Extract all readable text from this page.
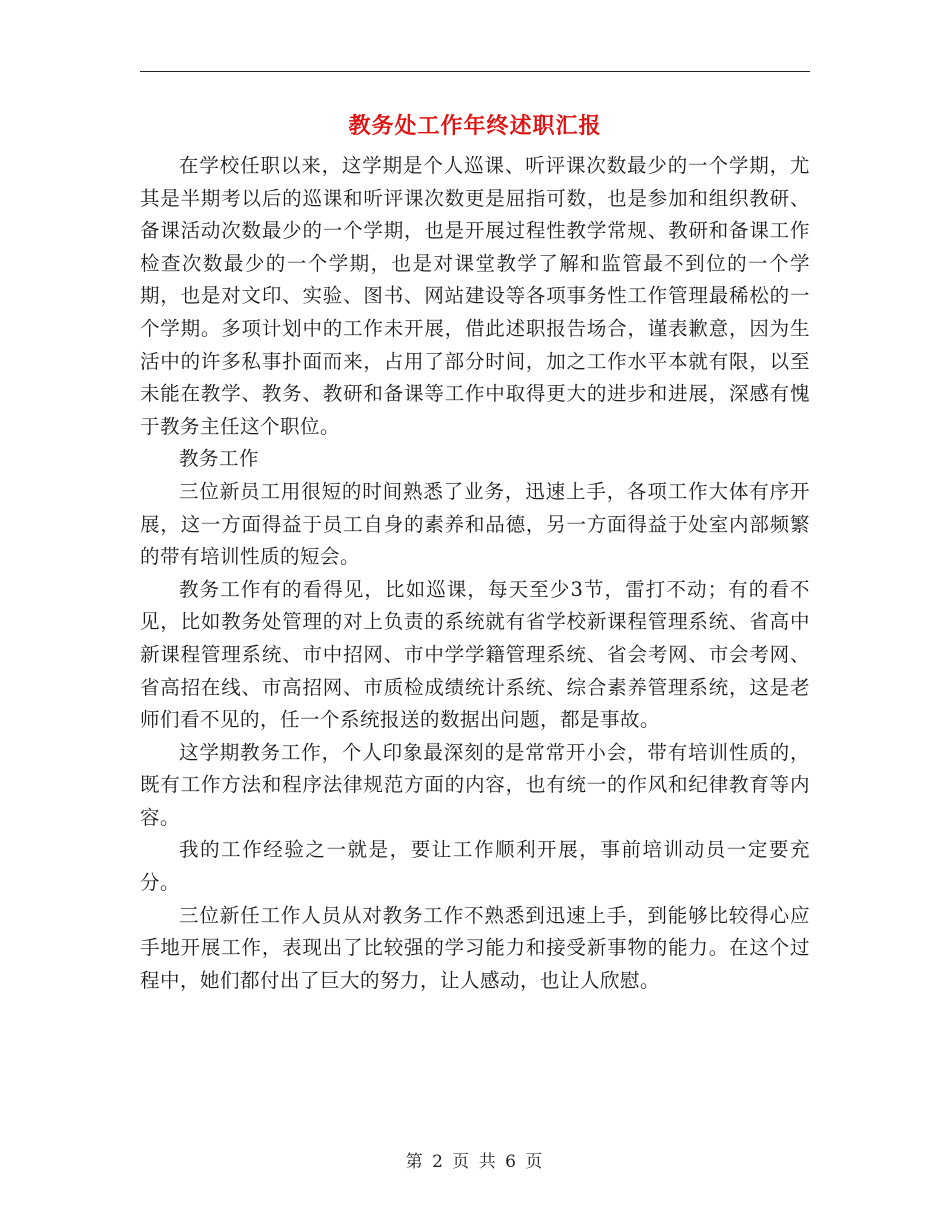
教务处工作年终述职汇报

在学校任职以来，这学期是个人巡课、听评课次数最少的一个学期，尤其是半期考以后的巡课和听评课次数更是屈指可数，也是参加和组织教研、备课活动次数最少的一个学期，也是开展过程性教学常规、教研和备课工作检查次数最少的一个学期，也是对课堂教学了解和监管最不到位的一个学期，也是对文印、实验、图书、网站建设等各项事务性工作管理最稀松的一个学期。多项计划中的工作未开展，借此述职报告场合，谨表歉意，因为生活中的许多私事扑面而来，占用了部分时间，加之工作水平本就有限，以至未能在教学、教务、教研和备课等工作中取得更大的进步和进展，深感有愧于教务主任这个职位。

教务工作

三位新员工用很短的时间熟悉了业务，迅速上手，各项工作大体有序开展，这一方面得益于员工自身的素养和品德，另一方面得益于处室内部频繁的带有培训性质的短会。

教务工作有的看得见，比如巡课，每天至少3节，雷打不动；有的看不见，比如教务处管理的对上负责的系统就有省学校新课程管理系统、省高中新课程管理系统、市中招网、市中学学籍管理系统、省会考网、市会考网、省高招在线、市高招网、市质检成绩统计系统、综合素养管理系统，这是老师们看不见的，任一个系统报送的数据出问题，都是事故。

这学期教务工作，个人印象最深刻的是常常开小会，带有培训性质的，既有工作方法和程序法律规范方面的内容，也有统一的作风和纪律教育等内容。

我的工作经验之一就是，要让工作顺利开展，事前培训动员一定要充分。

三位新任工作人员从对教务工作不熟悉到迅速上手，到能够比较得心应手地开展工作，表现出了比较强的学习能力和接受新事物的能力。在这个过程中，她们都付出了巨大的努力，让人感动，也让人欣慰。

第 2 页 共 6 页
